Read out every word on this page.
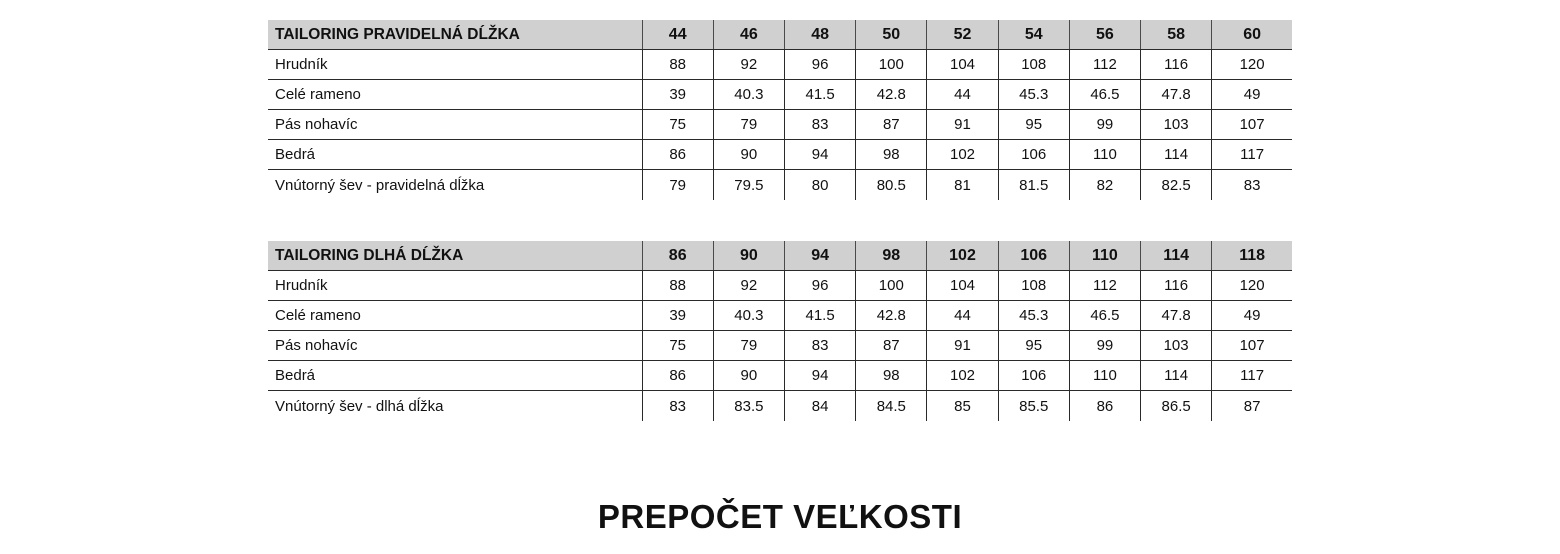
TAILORING PRAVIDELNÁ DĹŽKA	44	46	48	50	52	54	56	58	60
Hrudník	88	92	96	100	104	108	112	116	120
Celé rameno	39	40.3	41.5	42.8	44	45.3	46.5	47.8	49
Pás nohavíc	75	79	83	87	91	95	99	103	107
Bedrá	86	90	94	98	102	106	110	114	117
Vnútorný šev - pravidelná dĺžka	79	79.5	80	80.5	81	81.5	82	82.5	83
TAILORING DLHÁ DĹŽKA	86	90	94	98	102	106	110	114	118
Hrudník	88	92	96	100	104	108	112	116	120
Celé rameno	39	40.3	41.5	42.8	44	45.3	46.5	47.8	49
Pás nohavíc	75	79	83	87	91	95	99	103	107
Bedrá	86	90	94	98	102	106	110	114	117
Vnútorný šev - dlhá dĺžka	83	83.5	84	84.5	85	85.5	86	86.5	87
PREPOČET VEĽKOSTI
